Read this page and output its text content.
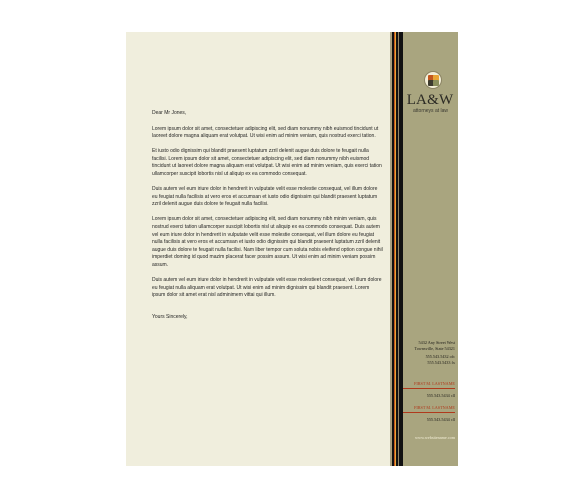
Dear Mr Jones,

Lorem ipsum dolor sit amet, consectetuer adipiscing elit, sed diam nonummy nibh euismod tincidunt ut laoreet dolore magna aliquam erat volutpat. Ut wisi enim ad minim veniam, quis nostrud exerci tation.

Et iusto odio dignissim qui blandit praesent luptatum zzril delenit augue duis dolore te feugait nulla facilisi. Lorem ipsum dolor sit amet, consectetuer adipiscing elit, sed diam nonummy nibh euismod tincidunt ut laoreet dolore magna aliquam erat volutpat. Ut wisi enim ad minim veniam, quis exerci tation ullamcorper suscipit lobortis nisl ut aliquip ex ea commodo consequat.

Duis autem vel eum iriure dolor in hendrerit in vulputate velit esse molestie consequat, vel illum dolore eu feugiat nulla facilisis at vero eros et accumsan et iusto odio dignissim qui blandit praesent luptatum zzril delenit augue duis dolore te feugait nulla facilisi.

Lorem ipsum dolor sit amet, consectetuer adipiscing elit, sed diam nonummy nibh minim veniam, quis nostrud exerci tation ullamcorper suscipit lobortis nisl ut aliquip ex ea commodo consequat. Duis autem vel eum iriure dolor in hendrerit in vulputate velit esse molestie consequat, vel illum dolore eu feugiat nulla facilisis at vero eros et accumsan et iusto odio dignissim qui blandit praesent luptatum zzril delenit augue duis dolore te feugait nulla facilisi. Nam liber tempor cum soluta nobis eleifend option congue nihil imperdiet doming id quod mazim placerat facer possim assum. Ut wisi enim ad minim veniam possim assum.

Duis autem vel eum iriure dolor in hendrerit in vulputate velit esse molestieet consequat, vel illum dolore eu feugiat nulla aliquam erat volutpat. Ut wisi enim ad minim dignissim qui blandit praesent. Lorem ipsum dolor sit amet erat nisl adminimem vittai qui illum.

Yours Sincerely,

LA&W
attorneys at law
5432 Any Street West Townsville, State 54321
555.543.5432 ofc 555.543.5433 fx
FIRST M. LASTNAME
555.543.5434 cll
FIRST M. LASTNAME
555.543.5434 cll
www.websitename.com
